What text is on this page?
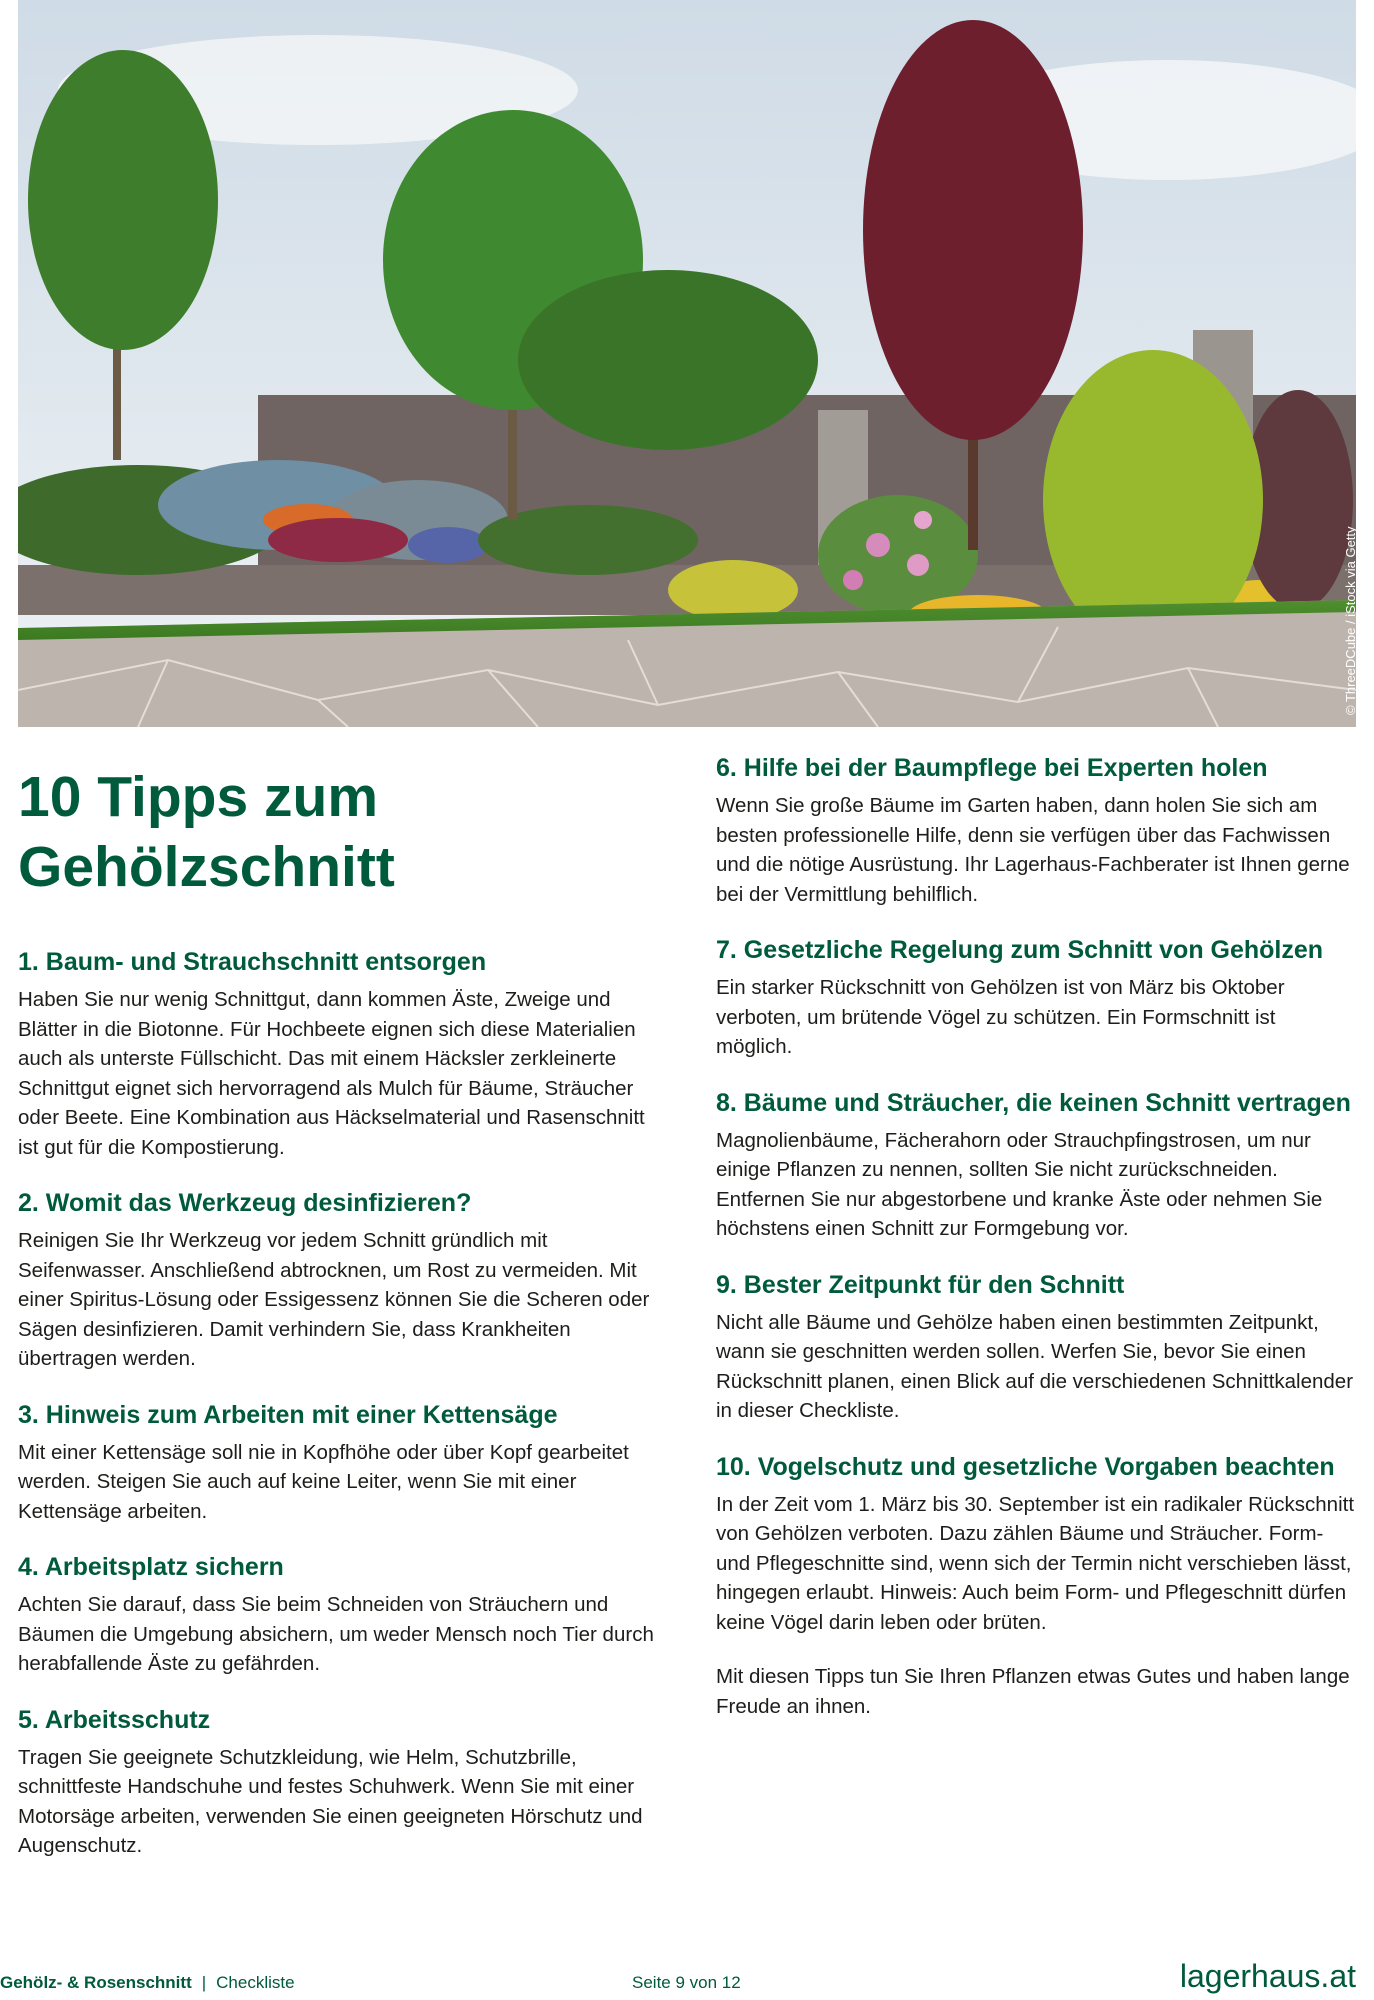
© ThreeDCube / iStock via Getty
10 Tipps zum
Gehölzschnitt
1. Baum- und Strauchschnitt entsorgen

Haben Sie nur wenig Schnittgut, dann kommen Äste, Zweige und Blätter in die Biotonne. Für Hochbeete eignen sich diese Materialien auch als unterste Füllschicht. Das mit einem Häcksler zerkleinerte Schnittgut eignet sich hervorragend als Mulch für Bäume, Sträucher oder Beete. Eine Kombination aus Häckselmaterial und Rasenschnitt ist gut für die Kompostierung.

2. Womit das Werkzeug desinfizieren?

Reinigen Sie Ihr Werkzeug vor jedem Schnitt gründlich mit Seifenwasser. Anschließend abtrocknen, um Rost zu vermeiden. Mit einer Spiritus-Lösung oder Essigessenz können Sie die Scheren oder Sägen desinfizieren. Damit verhindern Sie, dass Krankheiten übertragen werden.

3. Hinweis zum Arbeiten mit einer Kettensäge

Mit einer Kettensäge soll nie in Kopfhöhe oder über Kopf gearbeitet werden. Steigen Sie auch auf keine Leiter, wenn Sie mit einer Kettensäge arbeiten.

4. Arbeitsplatz sichern

Achten Sie darauf, dass Sie beim Schneiden von Sträuchern und Bäumen die Umgebung absichern, um weder Mensch noch Tier durch herabfallende Äste zu gefährden.

5. Arbeitsschutz

Tragen Sie geeignete Schutzkleidung, wie Helm, Schutzbrille, schnittfeste Handschuhe und festes Schuhwerk. Wenn Sie mit einer Motorsäge arbeiten, verwenden Sie einen geeigneten Hörschutz und Augenschutz.

6. Hilfe bei der Baumpflege bei Experten holen

Wenn Sie große Bäume im Garten haben, dann holen Sie sich am besten professionelle Hilfe, denn sie verfügen über das Fachwissen und die nötige Ausrüstung. Ihr Lagerhaus-Fachberater ist Ihnen gerne bei der Vermittlung behilflich.

7. Gesetzliche Regelung zum Schnitt von Gehölzen

Ein starker Rückschnitt von Gehölzen ist von März bis Oktober verboten, um brütende Vögel zu schützen. Ein Formschnitt ist möglich.

8. Bäume und Sträucher, die keinen Schnitt vertragen

Magnolienbäume, Fächerahorn oder Strauchpfingstrosen, um nur einige Pflanzen zu nennen, sollten Sie nicht zurückschneiden. Entfernen Sie nur abgestorbene und kranke Äste oder nehmen Sie höchstens einen Schnitt zur Formgebung vor.

9. Bester Zeitpunkt für den Schnitt

Nicht alle Bäume und Gehölze haben einen bestimmten Zeitpunkt, wann sie geschnitten werden sollen. Werfen Sie, bevor Sie einen Rückschnitt planen, einen Blick auf die verschiedenen Schnittkalender in dieser Checkliste.

10. Vogelschutz und gesetzliche Vorgaben beachten

In der Zeit vom 1. März bis 30. September ist ein radikaler Rückschnitt von Gehölzen verboten. Dazu zählen Bäume und Sträucher. Form- und Pflegeschnitte sind, wenn sich der Termin nicht verschieben lässt, hingegen erlaubt. Hinweis: Auch beim Form- und Pflegeschnitt dürfen keine Vögel darin leben oder brüten.

Mit diesen Tipps tun Sie Ihren Pflanzen etwas Gutes und haben lange Freude an ihnen.

Gehölz- & Rosenschnitt | Checkliste	Seite 9 von 12	lagerhaus.at
